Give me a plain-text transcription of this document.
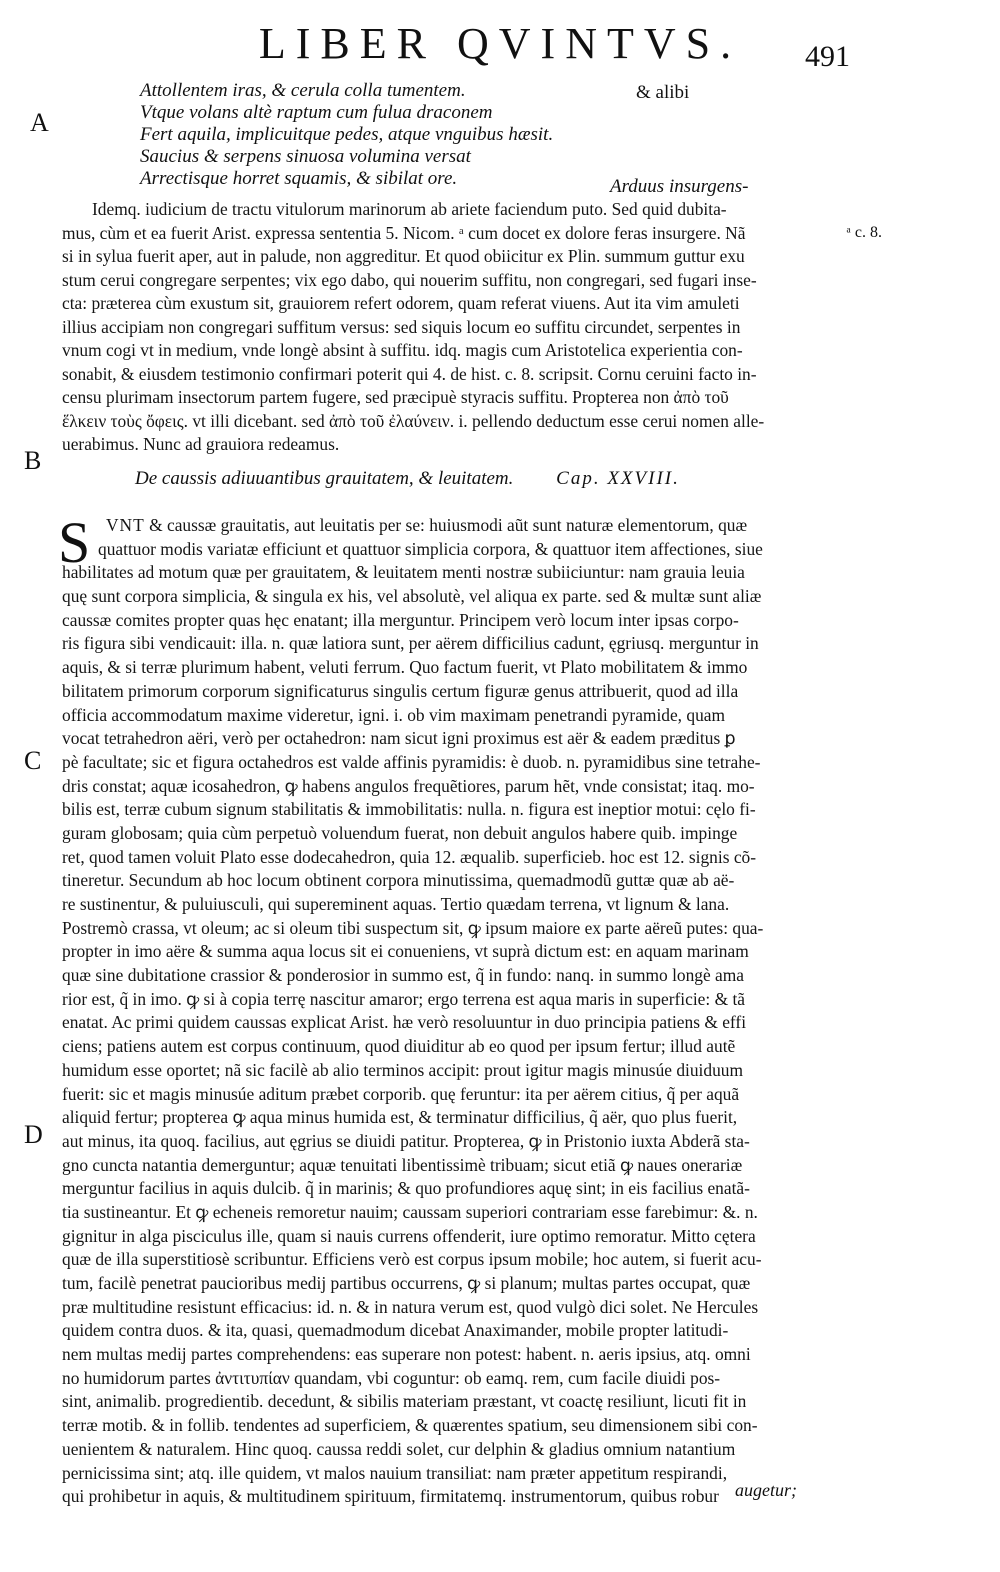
LIBER QVINTVS.	491
A
B
C
D
ᵃ c. 8.
Attollentem iras, & cerula colla tumentem.
Vtque volans altè raptum cum fulua draconem
Fert aquila, implicuitque pedes, atque vnguibus hæsit.
Saucius & serpens sinuosa volumina versat
Arrectisque horret squamis, & sibilat ore.
& alibi
Arduus insurgens-
Idemq. iudicium de tractu vitulorum marinorum ab ariete faciendum puto. Sed quid dubita-
mus, cùm et ea fuerit Arist. expressa sententia 5. Nicom. ᵃ cum docet ex dolore feras insurgere. Nã
si in sylua fuerit aper, aut in palude, non aggreditur. Et quod obiicitur ex Plin. summum guttur exu
stum cerui congregare serpentes; vix ego dabo, qui nouerim suffitu, non congregari, sed fugari inse-
cta: præterea cùm exustum sit, grauiorem refert odorem, quam referat viuens. Aut ita vim amuleti
illius accipiam non congregari suffitum versus: sed siquis locum eo suffitu circundet, serpentes in
vnum cogi vt in medium, vnde longè absint à suffitu. idq. magis cum Aristotelica experientia con-
sonabit, & eiusdem testimonio confirmari poterit qui 4. de hist. c. 8. scripsit. Cornu ceruini facto in-
censu plurimam insectorum partem fugere, sed præcipuè styracis suffitu. Propterea non ἀπὸ τοῦ
ἕλκειν τοὺς ὄφεις. vt illi dicebant. sed ἀπὸ τοῦ ἐλαύνειν. i. pellendo deductum esse cerui nomen alle-
uerabimus. Nunc ad grauiora redeamus.
De caussis adiuuantibus grauitatem, & leuitatem. Cap. XXVIII.
S VNT & caussæ grauitatis, aut leuitatis per se: huiusmodi aũt sunt naturæ elementorum, quæ
quattuor modis variatæ efficiunt et quattuor simplicia corpora, & quattuor item affectiones, siue
habilitates ad motum quæ per grauitatem, & leuitatem menti nostræ subiiciuntur: nam grauia leuia
quę sunt corpora simplicia, & singula ex his, vel absolutè, vel aliqua ex parte. sed & multæ sunt aliæ
caussæ comites propter quas hęc enatant; illa merguntur. Principem verò locum inter ipsas corpo-
ris figura sibi vendicauit: illa. n. quæ latiora sunt, per aërem difficilius cadunt, ęgriusq. merguntur in
aquis, & si terræ plurimum habent, veluti ferrum. Quo factum fuerit, vt Plato mobilitatem & immo
bilitatem primorum corporum significaturus singulis certum figuræ genus attribuerit, quod ad illa
officia accommodatum maxime videretur, igni. i. ob vim maximam penetrandi pyramide, quam
vocat tetrahedron aëri, verò per octahedron: nam sicut igni proximus est aër & eadem præditus ꝑ
pè facultate; sic et figura octahedros est valde affinis pyramidis: è duob. n. pyramidibus sine tetrahe-
dris constat; aquæ icosahedron, ꝙ habens angulos frequẽtiores, parum hẽt, vnde consistat; itaq. mo-
bilis est, terræ cubum signum stabilitatis & immobilitatis: nulla. n. figura est ineptior motui: cęlo fi-
guram globosam; quia cùm perpetuò voluendum fuerat, non debuit angulos habere quib. impinge
ret, quod tamen voluit Plato esse dodecahedron, quia 12. æqualib. superficieb. hoc est 12. signis cõ-
tineretur. Secundum ab hoc locum obtinent corpora minutissima, quemadmodũ guttæ quæ ab aë-
re sustinentur, & puluiusculi, qui supereminent aquas. Tertio quædam terrena, vt lignum & lana.
Postremò crassa, vt oleum; ac si oleum tibi suspectum sit, ꝙ ipsum maiore ex parte aëreũ putes: qua-
propter in imo aëre & summa aqua locus sit ei conueniens, vt suprà dictum est: en aquam marinam
quæ sine dubitatione crassior & ponderosior in summo est, q̃ in fundo: nanq. in summo longè ama
rior est, q̃ in imo. ꝙ si à copia terrę nascitur amaror; ergo terrena est aqua maris in superficie: & tã
enatat. Ac primi quidem caussas explicat Arist. hæ verò resoluuntur in duo principia patiens & effi
ciens; patiens autem est corpus continuum, quod diuiditur ab eo quod per ipsum fertur; illud autẽ
humidum esse oportet; nã sic facilè ab alio terminos accipit: prout igitur magis minusúe diuiduum
fuerit: sic et magis minusúe aditum præbet corporib. quę feruntur: ita per aërem citius, q̃ per aquã
aliquid fertur; propterea ꝙ aqua minus humida est, & terminatur difficilius, q̃ aër, quo plus fuerit,
aut minus, ita quoq. facilius, aut ęgrius se diuidi patitur. Propterea, ꝙ in Pristonio iuxta Abderã sta-
gno cuncta natantia demerguntur; aquæ tenuitati libentissimè tribuam; sicut etiã ꝙ naues onerariæ
merguntur facilius in aquis dulcib. q̃ in marinis; & quo profundiores aquę sint; in eis facilius enatã-
tia sustineantur. Et ꝙ echeneis remoretur nauim; caussam superiori contrariam esse farebimur: &. n.
gignitur in alga pisciculus ille, quam si nauis currens offenderit, iure optimo remoratur. Mitto cętera
quæ de illa superstitiosè scribuntur. Efficiens verò est corpus ipsum mobile; hoc autem, si fuerit acu-
tum, facilè penetrat paucioribus medij partibus occurrens, ꝙ si planum; multas partes occupat, quæ
præ multitudine resistunt efficacius: id. n. & in natura verum est, quod vulgò dici solet. Ne Hercules
quidem contra duos. & ita, quasi, quemadmodum dicebat Anaximander, mobile propter latitudi-
nem multas medij partes comprehendens: eas superare non potest: habent. n. aeris ipsius, atq. omni
no humidorum partes ἀντιτυπίαν quandam, vbi coguntur: ob eamq. rem, cum facile diuidi pos-
sint, animalib. progredientib. decedunt, & sibilis materiam præstant, vt coactę resiliunt, licuti fit in
terræ motib. & in follib. tendentes ad superficiem, & quærentes spatium, seu dimensionem sibi con-
uenientem & naturalem. Hinc quoq. caussa reddi solet, cur delphin & gladius omnium natantium
pernicissima sint; atq. ille quidem, vt malos nauium transiliat: nam præter appetitum respirandi,
qui prohibetur in aquis, & multitudinem spirituum, firmitatemq. instrumentorum, quibus robur augetur;
